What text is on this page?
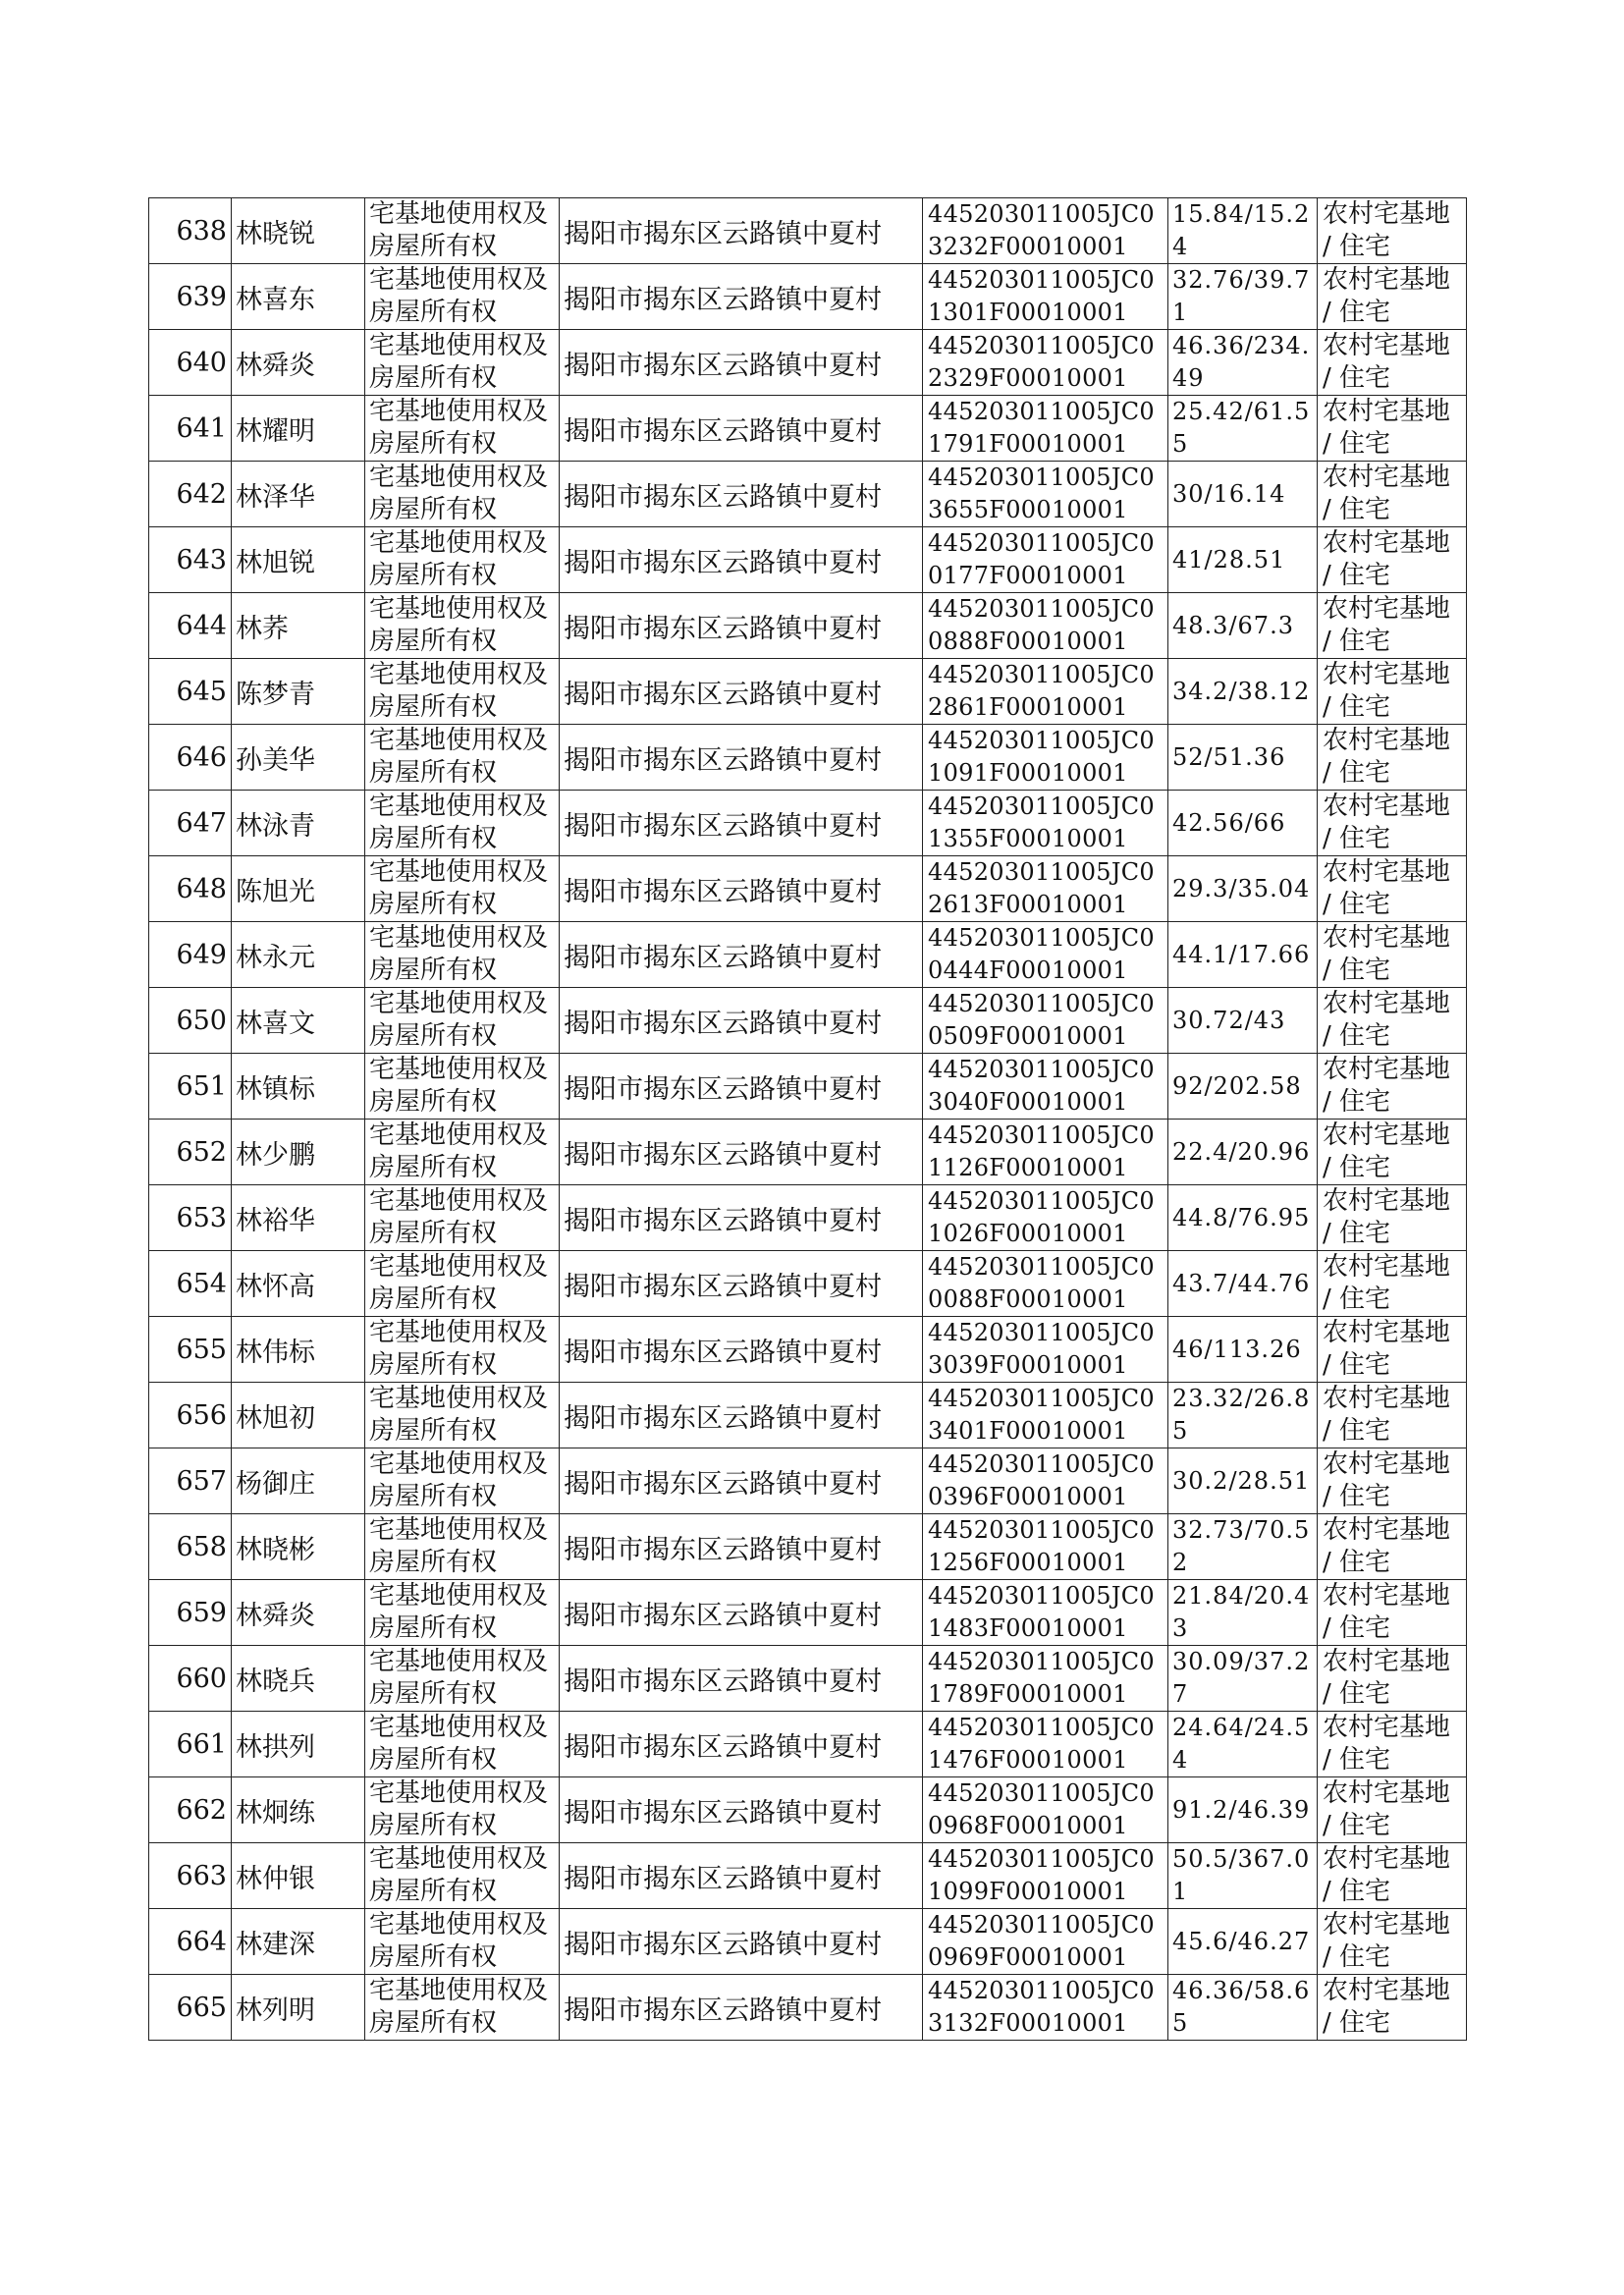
638	林晓锐	宅基地使用权及房屋所有权	揭阳市揭东区云路镇中夏村	445203011005JC03232F00010001	15.84/15.24	农村宅基地 / 住宅

639	林喜东	宅基地使用权及房屋所有权	揭阳市揭东区云路镇中夏村	445203011005JC01301F00010001	32.76/39.71	农村宅基地 / 住宅

640	林舜炎	宅基地使用权及房屋所有权	揭阳市揭东区云路镇中夏村	445203011005JC02329F00010001	46.36/234.49	农村宅基地 / 住宅

641	林耀明	宅基地使用权及房屋所有权	揭阳市揭东区云路镇中夏村	445203011005JC01791F00010001	25.42/61.55	农村宅基地 / 住宅

642	林泽华	宅基地使用权及房屋所有权	揭阳市揭东区云路镇中夏村	445203011005JC03655F00010001	30/16.14	农村宅基地 / 住宅

643	林旭锐	宅基地使用权及房屋所有权	揭阳市揭东区云路镇中夏村	445203011005JC00177F00010001	41/28.51	农村宅基地 / 住宅

644	林荞	宅基地使用权及房屋所有权	揭阳市揭东区云路镇中夏村	445203011005JC00888F00010001	48.3/67.3	农村宅基地 / 住宅

645	陈梦青	宅基地使用权及房屋所有权	揭阳市揭东区云路镇中夏村	445203011005JC02861F00010001	34.2/38.12	农村宅基地 / 住宅

646	孙美华	宅基地使用权及房屋所有权	揭阳市揭东区云路镇中夏村	445203011005JC01091F00010001	52/51.36	农村宅基地 / 住宅

647	林泳青	宅基地使用权及房屋所有权	揭阳市揭东区云路镇中夏村	445203011005JC01355F00010001	42.56/66	农村宅基地 / 住宅

648	陈旭光	宅基地使用权及房屋所有权	揭阳市揭东区云路镇中夏村	445203011005JC02613F00010001	29.3/35.04	农村宅基地 / 住宅

649	林永元	宅基地使用权及房屋所有权	揭阳市揭东区云路镇中夏村	445203011005JC00444F00010001	44.1/17.66	农村宅基地 / 住宅

650	林喜文	宅基地使用权及房屋所有权	揭阳市揭东区云路镇中夏村	445203011005JC00509F00010001	30.72/43	农村宅基地 / 住宅

651	林镇标	宅基地使用权及房屋所有权	揭阳市揭东区云路镇中夏村	445203011005JC03040F00010001	92/202.58	农村宅基地 / 住宅

652	林少鹏	宅基地使用权及房屋所有权	揭阳市揭东区云路镇中夏村	445203011005JC01126F00010001	22.4/20.96	农村宅基地 / 住宅

653	林裕华	宅基地使用权及房屋所有权	揭阳市揭东区云路镇中夏村	445203011005JC01026F00010001	44.8/76.95	农村宅基地 / 住宅

654	林怀高	宅基地使用权及房屋所有权	揭阳市揭东区云路镇中夏村	445203011005JC00088F00010001	43.7/44.76	农村宅基地 / 住宅

655	林伟标	宅基地使用权及房屋所有权	揭阳市揭东区云路镇中夏村	445203011005JC03039F00010001	46/113.26	农村宅基地 / 住宅

656	林旭初	宅基地使用权及房屋所有权	揭阳市揭东区云路镇中夏村	445203011005JC03401F00010001	23.32/26.85	农村宅基地 / 住宅

657	杨御庄	宅基地使用权及房屋所有权	揭阳市揭东区云路镇中夏村	445203011005JC00396F00010001	30.2/28.51	农村宅基地 / 住宅

658	林晓彬	宅基地使用权及房屋所有权	揭阳市揭东区云路镇中夏村	445203011005JC01256F00010001	32.73/70.52	农村宅基地 / 住宅

659	林舜炎	宅基地使用权及房屋所有权	揭阳市揭东区云路镇中夏村	445203011005JC01483F00010001	21.84/20.43	农村宅基地 / 住宅

660	林晓兵	宅基地使用权及房屋所有权	揭阳市揭东区云路镇中夏村	445203011005JC01789F00010001	30.09/37.27	农村宅基地 / 住宅

661	林拱列	宅基地使用权及房屋所有权	揭阳市揭东区云路镇中夏村	445203011005JC01476F00010001	24.64/24.54	农村宅基地 / 住宅

662	林炯练	宅基地使用权及房屋所有权	揭阳市揭东区云路镇中夏村	445203011005JC00968F00010001	91.2/46.39	农村宅基地 / 住宅

663	林仲银	宅基地使用权及房屋所有权	揭阳市揭东区云路镇中夏村	445203011005JC01099F00010001	50.5/367.01	农村宅基地 / 住宅

664	林建深	宅基地使用权及房屋所有权	揭阳市揭东区云路镇中夏村	445203011005JC00969F00010001	45.6/46.27	农村宅基地 / 住宅

665	林列明	宅基地使用权及房屋所有权	揭阳市揭东区云路镇中夏村	445203011005JC03132F00010001	46.36/58.65	农村宅基地 / 住宅
